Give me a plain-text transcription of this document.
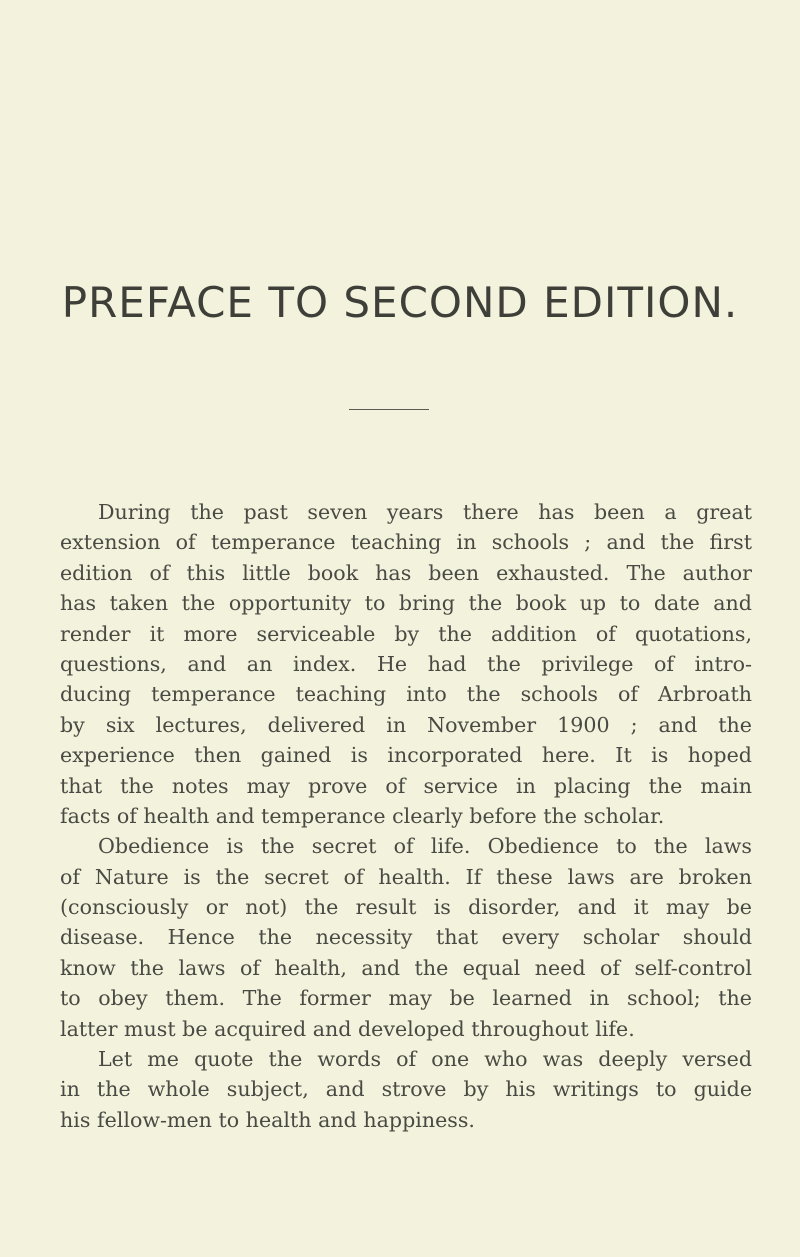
PREFACE TO SECOND EDITION.
During the past seven years there has been a great
extension of temperance teaching in schools ; and the first
edition of this little book has been exhausted. The author
has taken the opportunity to bring the book up to date and
render it more serviceable by the addition of quotations,
questions, and an index. He had the privilege of intro-
ducing temperance teaching into the schools of Arbroath
by six lectures, delivered in November 1900 ; and the
experience then gained is incorporated here. It is hoped
that the notes may prove of service in placing the main
facts of health and temperance clearly before the scholar.
Obedience is the secret of life. Obedience to the laws
of Nature is the secret of health. If these laws are broken
(consciously or not) the result is disorder, and it may be
disease. Hence the necessity that every scholar should
know the laws of health, and the equal need of self-control
to obey them. The former may be learned in school; the
latter must be acquired and developed throughout life.
Let me quote the words of one who was deeply versed
in the whole subject, and strove by his writings to guide
his fellow-men to health and happiness.
